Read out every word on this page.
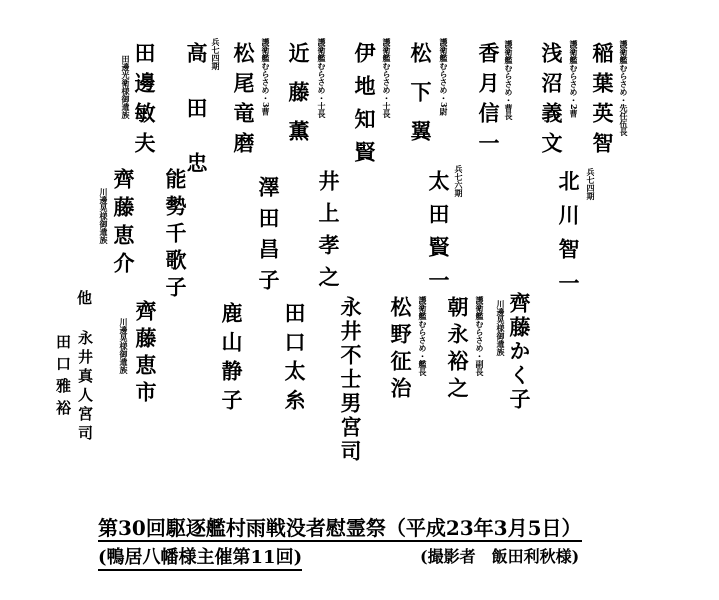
護衛艦むらさめ・先任伍長
稲葉英智
護衛艦むらさめ・2曹
浅沼義文
護衛艦むらさめ・曹長
香月信一
護衛艦むらさめ・3尉
松下翼
護衛艦むらさめ・士長
伊地知賢
護衛艦むらさめ・士長
近藤薫
護衛艦むらさめ・3曹
松尾竜磨
兵七四期
高田忠
田邊光衛様御遺族 田邊敏夫
兵七四期
北川智一
兵七六期
太田賢一
井上孝之
澤田昌子
能勢千歌子
川邊晃様御遺族 齊藤恵介
齊藤かく子
川邊晃様御遺族
護衛艦むらさめ・副長
朝永裕之
護衛艦むらさめ・艦長
松野征治
永井不士男宮司
田口太糸
鹿山静子
齊藤恵市
川邊晃様御遺族
永井真人宮司
田口雅裕
他
第30回駆逐艦村雨戦没者慰霊祭（平成23年3月5日）
(鴨居八幡様主催第11回)	(撮影者　飯田利秋様)
